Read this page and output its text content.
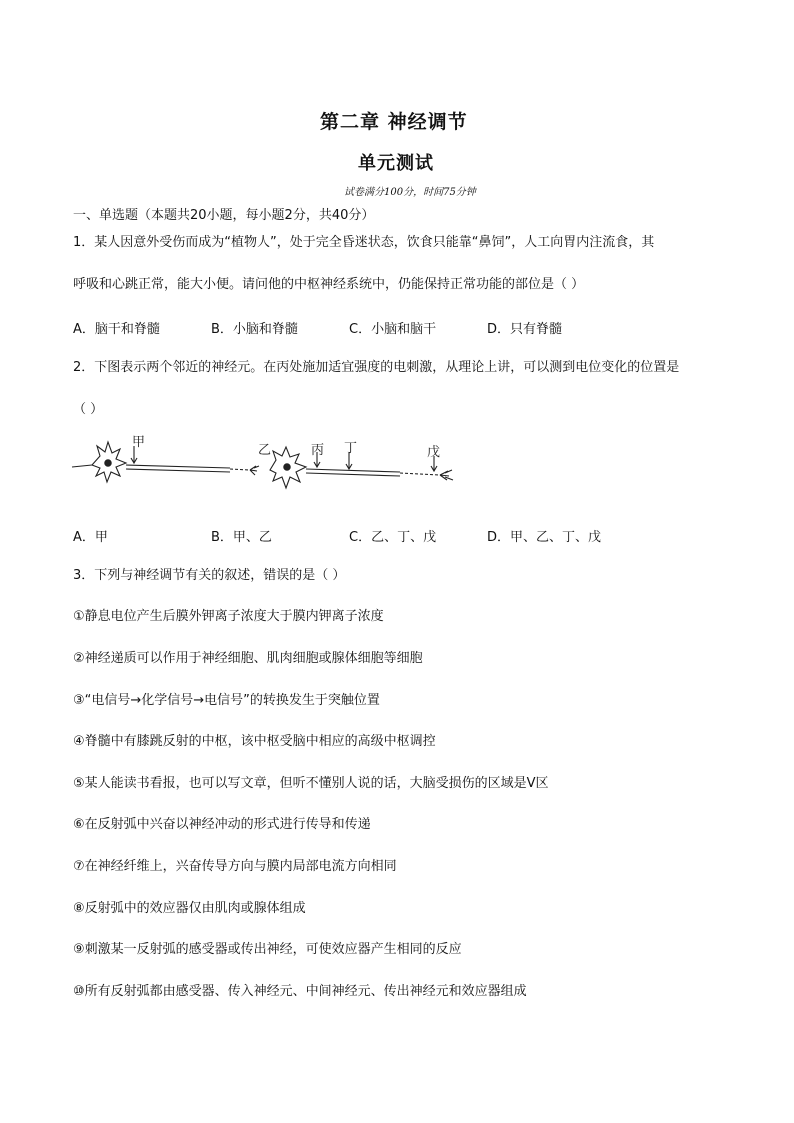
第二章 神经调节
单元测试
试卷满分100分，时间75分钟
一、单选题（本题共20小题，每小题2分，共40分）
1．某人因意外受伤而成为“植物人”，处于完全昏迷状态，饮食只能靠“鼻饲”，人工向胃内注流食，其
呼吸和心跳正常，能大小便。请问他的中枢神经系统中，仍能保持正常功能的部位是（ ）
A．脑干和脊髓	B．小脑和脊髓	C．小脑和脑干	D．只有脊髓
2．下图表示两个邻近的神经元。在丙处施加适宜强度的电刺激，从理论上讲，可以测到电位变化的位置是
（ ）
甲
乙	丙 丁	戊
A．甲	B．甲、乙	C．乙、丁、戊	D．甲、乙、丁、戊
3．下列与神经调节有关的叙述，错误的是（ ）
①静息电位产生后膜外钾离子浓度大于膜内钾离子浓度
②神经递质可以作用于神经细胞、肌肉细胞或腺体细胞等细胞
③“电信号→化学信号→电信号”的转换发生于突触位置
④脊髓中有膝跳反射的中枢，该中枢受脑中相应的高级中枢调控
⑤某人能读书看报，也可以写文章，但听不懂别人说的话，大脑受损伤的区域是V区
⑥在反射弧中兴奋以神经冲动的形式进行传导和传递
⑦在神经纤维上，兴奋传导方向与膜内局部电流方向相同
⑧反射弧中的效应器仅由肌肉或腺体组成
⑨刺激某一反射弧的感受器或传出神经，可使效应器产生相同的反应
⑩所有反射弧都由感受器、传入神经元、中间神经元、传出神经元和效应器组成
